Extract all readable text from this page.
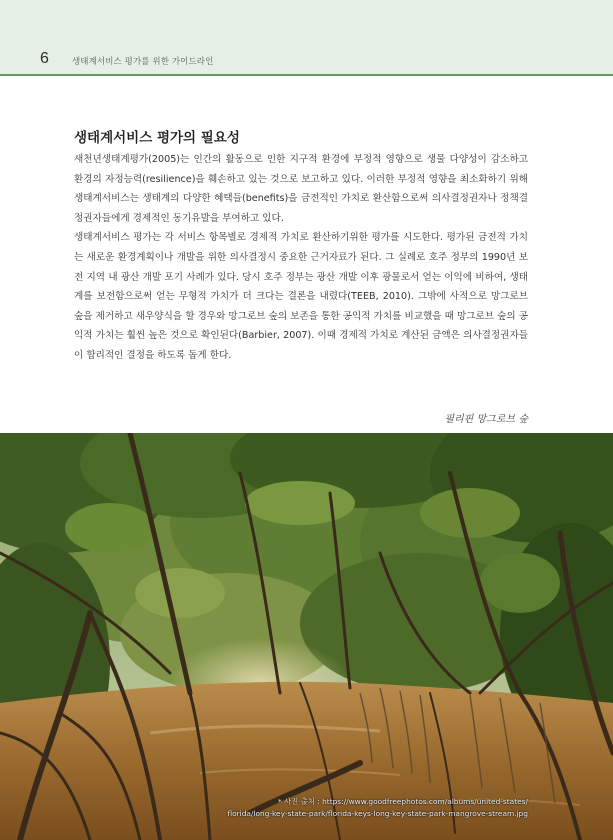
6	생태계서비스 평가를 위한 가이드라인
생태계서비스 평가의 필요성

새천년생태계평가(2005)는 인간의 활동으로 인한 지구적 환경에 부정적 영향으로 생물 다양성이 감소하고 환경의 자정능력(resilience)을 훼손하고 있는 것으로 보고하고 있다. 이러한 부정적 영향을 최소화하기 위해 생태계서비스는 생태계의 다양한 혜택들(benefits)을 금전적인 가치로 환산함으로써 의사결정권자나 정책결정권자들에게 경제적인 동기유발을 부여하고 있다.

생태계서비스 평가는 각 서비스 항목별로 경제적 가치로 환산하기위한 평가를 시도한다. 평가된 금전적 가치는 새로운 환경계획이나 개발을 위한 의사결정시 중요한 근거자료가 된다. 그 실례로 호주 정부의 1990년 보전 지역 내 광산 개발 포기 사례가 있다. 당시 호주 정부는 광산 개발 이후 광물로서 얻는 이익에 비하여, 생태계를 보전함으로써 얻는 무형적 가치가 더 크다는 결론을 내렸다(TEEB, 2010). 그밖에 사적으로 망그로브 숲을 제거하고 새우양식을 할 경우와 망그로브 숲의 보존을 통한 공익적 가치를 비교했을 때 망그로브 숲의 공익적 가치는 훨씬 높은 것으로 확인된다(Barbier, 2007). 이때 경제적 가치로 계산된 금액은 의사결정권자들이 합리적인 결정을 하도록 돕게 한다.

필리핀 망그로브 숲
* 사진 출처 : https://www.goodfreephotos.com/albums/united-states/
florida/long-key-state-park/florida-keys-long-key-state-park-mangrove-stream.jpg
